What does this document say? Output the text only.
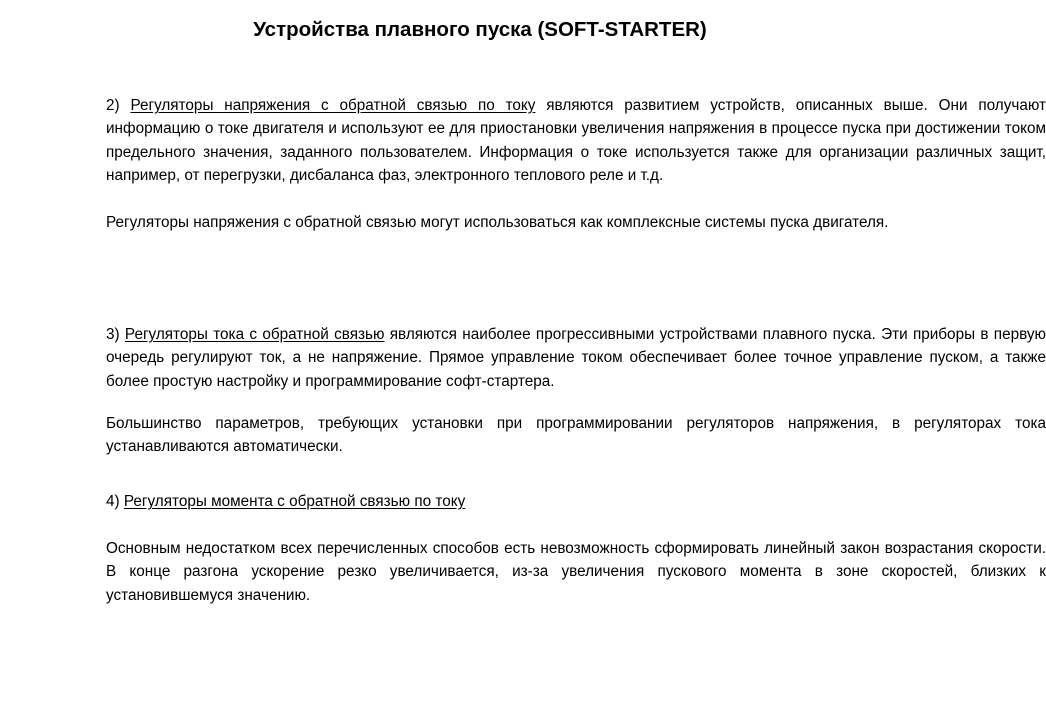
Устройства плавного пуска (SOFT-STARTER)

2) Регуляторы напряжения с обратной связью по току являются развитием устройств, описанных выше. Они получают информацию о токе двигателя и используют ее для приостановки увеличения напряжения в процессе пуска при достижении током предельного значения, заданного пользователем. Информация о токе используется также для организации различных защит, например, от перегрузки, дисбаланса фаз, электронного теплового реле и т.д.

Регуляторы напряжения с обратной связью могут использоваться как комплексные системы пуска двигателя.

3) Регуляторы тока с обратной связью являются наиболее прогрессивными устройствами плавного пуска. Эти приборы в первую очередь регулируют ток, а не напряжение. Прямое управление током обеспечивает более точное управление пуском, а также более простую настройку и программирование софт-стартера.

Большинство параметров, требующих установки при программировании регуляторов напряжения, в регуляторах тока устанавливаются автоматически.

4) Регуляторы момента с обратной связью по току

Основным недостатком всех перечисленных способов есть невозможность сформировать линейный закон возрастания скорости. В конце разгона ускорение резко увеличивается, из-за увеличения пускового момента в зоне скоростей, близких к установившемуся значению.
